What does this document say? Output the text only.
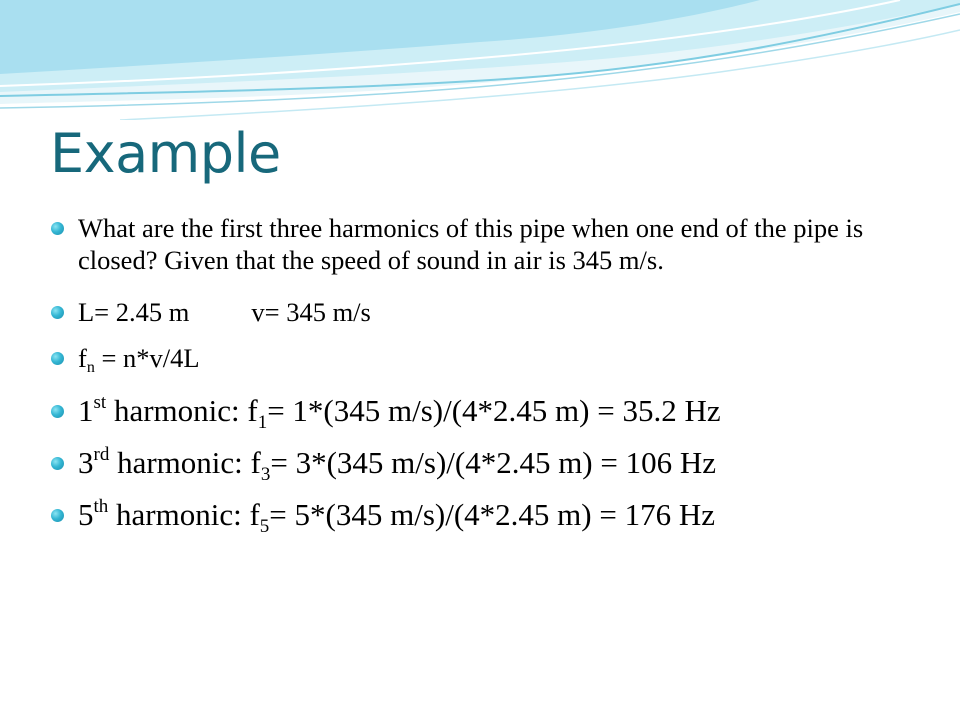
Example
What are the first three harmonics of this pipe when one end of the pipe is closed? Given that the speed of sound in air is 345 m/s.
L= 2.45 m v= 345 m/s
$f_n = n*v/4L$
1st harmonic: $f_1= 1*(345$ m/s)/(4*2.45 m) = 35.2 Hz
3rd harmonic: $f_3= 3*(345$ m/s)/(4*2.45 m) = 106 Hz
5th harmonic: $f_5= 5*(345$ m/s)/(4*2.45 m) = 176 Hz
